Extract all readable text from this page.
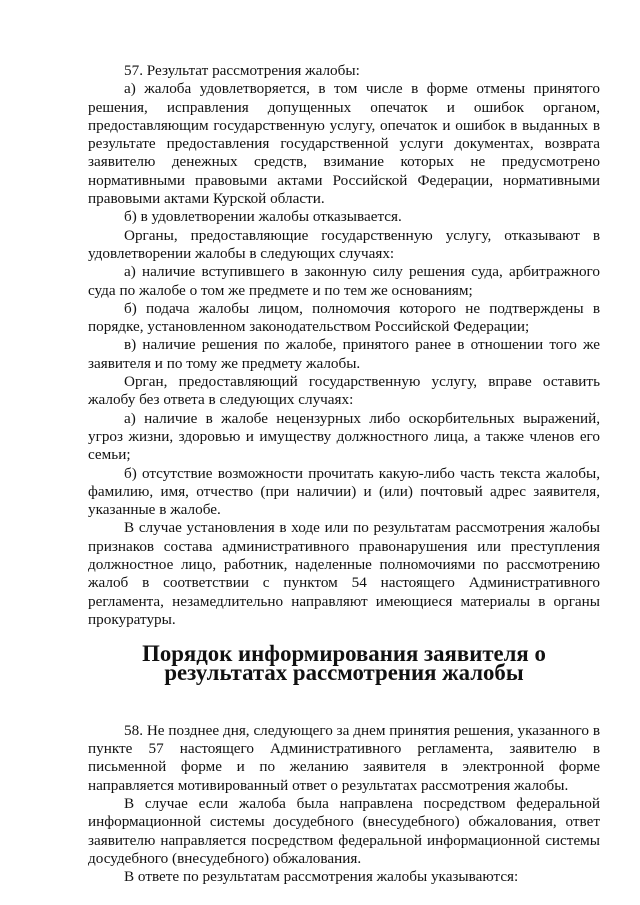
57. Результат рассмотрения жалобы:

а) жалоба удовлетворяется, в том числе в форме отмены принятого решения, исправления допущенных опечаток и ошибок органом, предоставляющим государственную услугу, опечаток и ошибок в выданных в результате предоставления государственной услуги документах, возврата заявителю денежных средств, взимание которых не предусмотрено нормативными правовыми актами Российской Федерации, нормативными правовыми актами Курской области.

б) в удовлетворении жалобы отказывается.

Органы, предоставляющие государственную услугу, отказывают в удовлетворении жалобы в следующих случаях:

а) наличие вступившего в законную силу решения суда, арбитражного суда по жалобе о том же предмете и по тем же основаниям;

б) подача жалобы лицом, полномочия которого не подтверждены в порядке, установленном законодательством Российской Федерации;

в) наличие решения по жалобе, принятого ранее в отношении того же заявителя и по тому же предмету жалобы.

Орган, предоставляющий государственную услугу, вправе оставить жалобу без ответа в следующих случаях:

а) наличие в жалобе нецензурных либо оскорбительных выражений, угроз жизни, здоровью и имуществу должностного лица, а также членов его семьи;

б) отсутствие возможности прочитать какую-либо часть текста жалобы, фамилию, имя, отчество (при наличии) и (или) почтовый адрес заявителя, указанные в жалобе.

В случае установления в ходе или по результатам рассмотрения жалобы признаков состава административного правонарушения или преступления должностное лицо, работник, наделенные полномочиями по рассмотрению жалоб в соответствии с пунктом 54 настоящего Административного регламента, незамедлительно направляют имеющиеся материалы в органы прокуратуры.

Порядок информирования заявителя о результатах рассмотрения жалобы

58. Не позднее дня, следующего за днем принятия решения, указанного в пункте 57 настоящего Административного регламента, заявителю в письменной форме и по желанию заявителя в электронной форме направляется мотивированный ответ о результатах рассмотрения жалобы.

В случае если жалоба была направлена посредством федеральной информационной системы досудебного (внесудебного) обжалования, ответ заявителю направляется посредством федеральной информационной системы досудебного (внесудебного) обжалования.

В ответе по результатам рассмотрения жалобы указываются:
